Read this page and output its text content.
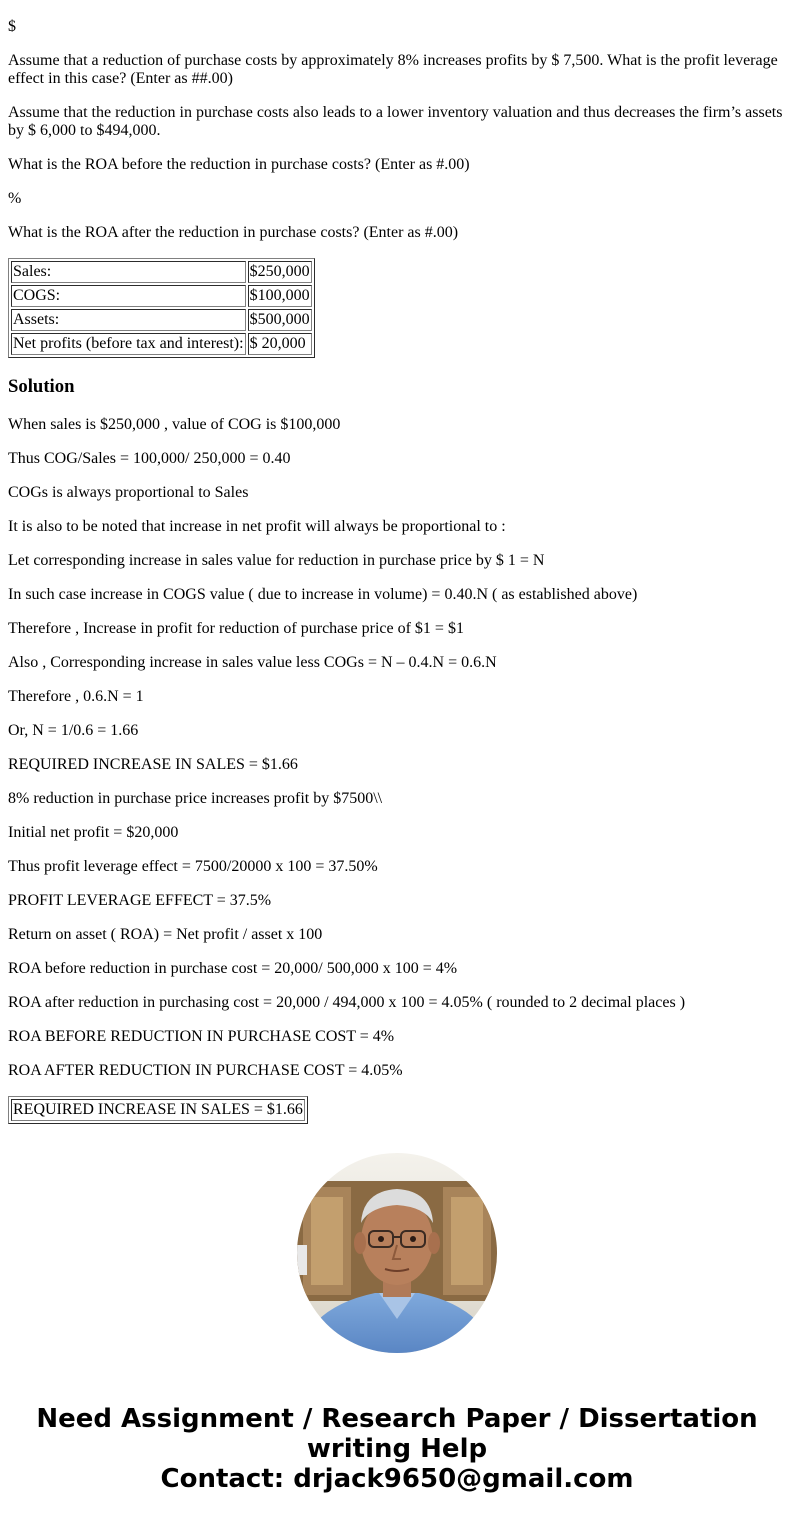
$

Assume that a reduction of purchase costs by approximately 8% increases profits by $ 7,500. What is the profit leverage effect in this case? (Enter as ##.00)

Assume that the reduction in purchase costs also leads to a lower inventory valuation and thus decreases the firm’s assets by $ 6,000 to $494,000.

What is the ROA before the reduction in purchase costs? (Enter as #.00)

%

What is the ROA after the reduction in purchase costs? (Enter as #.00)

Sales:	$250,000
COGS:	$100,000
Assets:	$500,000
Net profits (before tax and interest):	$ 20,000
Solution

When sales is $250,000 , value of COG is $100,000

Thus COG/Sales = 100,000/ 250,000 = 0.40

COGs is always proportional to Sales

It is also to be noted that increase in net profit will always be proportional to :

Let corresponding increase in sales value for reduction in purchase price by $ 1 = N

In such case increase in COGS value ( due to increase in volume) = 0.40.N ( as established above)

Therefore , Increase in profit for reduction of purchase price of $1 = $1

Also , Corresponding increase in sales value less COGs = N – 0.4.N = 0.6.N

Therefore , 0.6.N = 1

Or, N = 1/0.6 = 1.66

REQUIRED INCREASE IN SALES = $1.66

8% reduction in purchase price increases profit by $7500\\

Initial net profit = $20,000

Thus profit leverage effect = 7500/20000 x 100 = 37.50%

PROFIT LEVERAGE EFFECT = 37.5%

Return on asset ( ROA) = Net profit / asset x 100

ROA before reduction in purchase cost = 20,000/ 500,000 x 100 = 4%

ROA after reduction in purchasing cost = 20,000 / 494,000 x 100 = 4.05% ( rounded to 2 decimal places )

ROA BEFORE REDUCTION IN PURCHASE COST = 4%

ROA AFTER REDUCTION IN PURCHASE COST = 4.05%

REQUIRED INCREASE IN SALES = $1.66
Need Assignment / Research Paper / Dissertation
writing Help
Contact: drjack9650@gmail.com
